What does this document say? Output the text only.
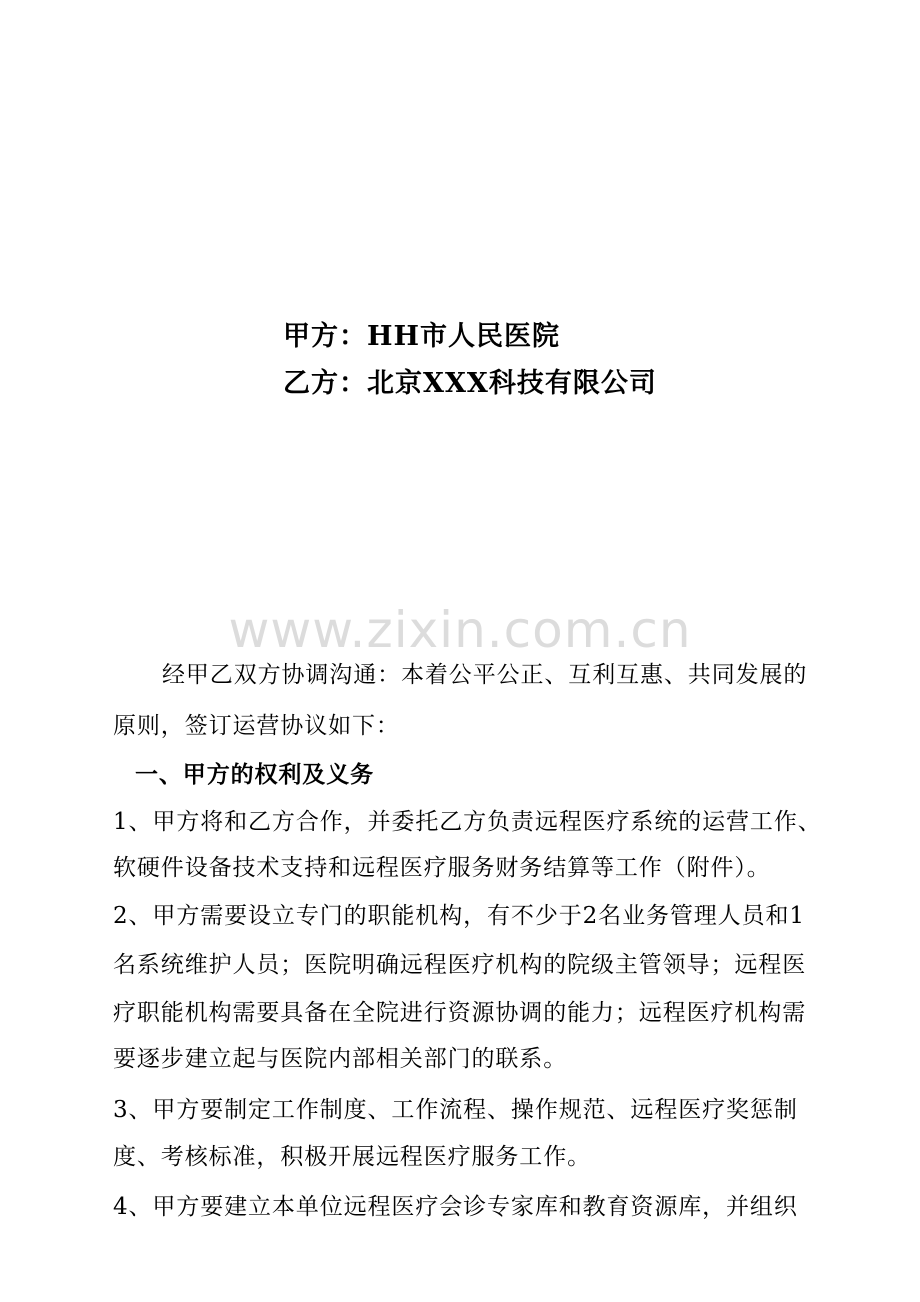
甲方：HH市人民医院
乙方：北京XXX科技有限公司
www.zixin.com.cn
经甲乙双方协调沟通：本着公平公正、互利互惠、共同发展的
原则，签订运营协议如下：
一、甲方的权利及义务
1、甲方将和乙方合作，并委托乙方负责远程医疗系统的运营工作、
软硬件设备技术支持和远程医疗服务财务结算等工作（附件）。
2、甲方需要设立专门的职能机构，有不少于2名业务管理人员和1
名系统维护人员；医院明确远程医疗机构的院级主管领导；远程医
疗职能机构需要具备在全院进行资源协调的能力；远程医疗机构需
要逐步建立起与医院内部相关部门的联系。
3、甲方要制定工作制度、工作流程、操作规范、远程医疗奖惩制
度、考核标准，积极开展远程医疗服务工作。
4、甲方要建立本单位远程医疗会诊专家库和教育资源库，并组织
